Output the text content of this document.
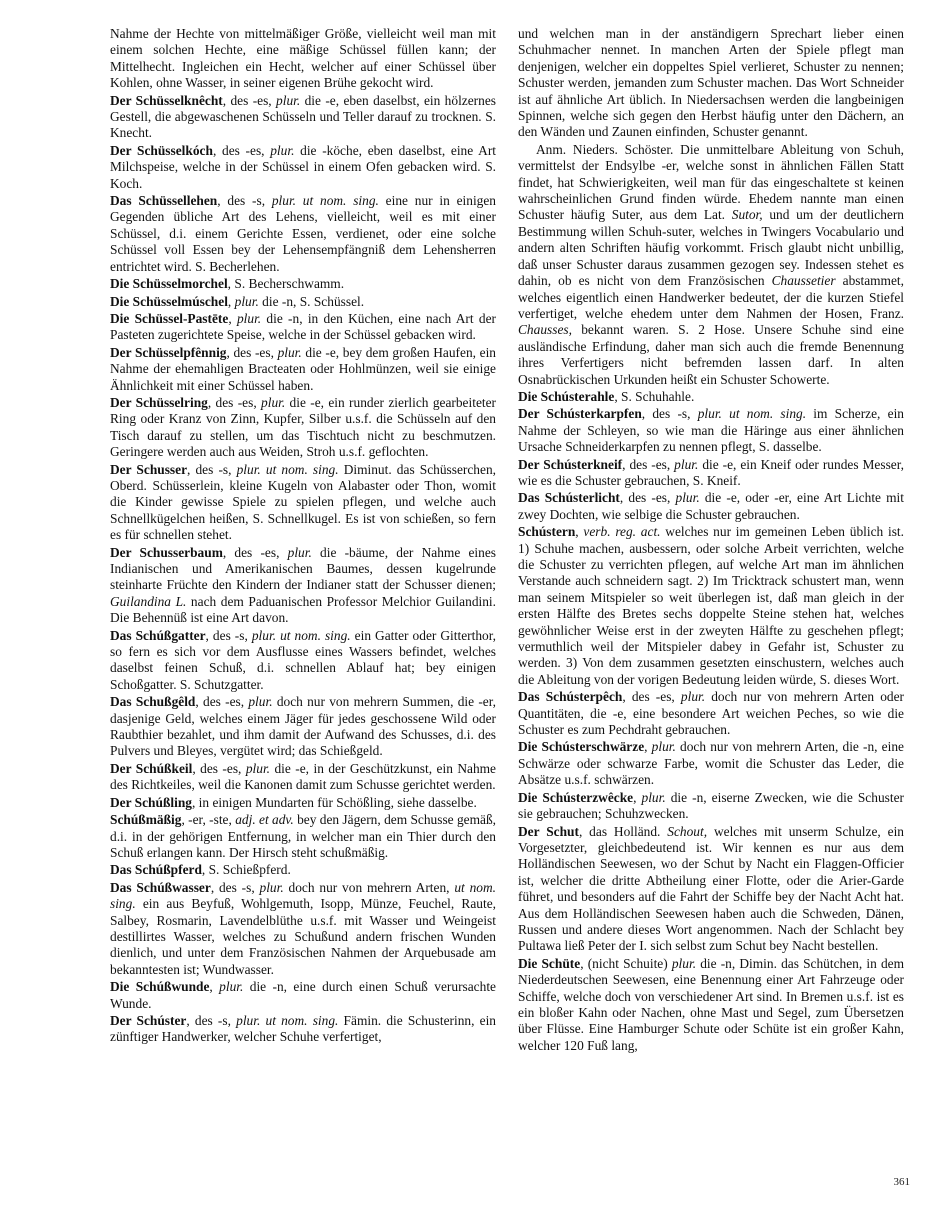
Nahme der Hechte von mittelmäßiger Größe, vielleicht weil man mit einem solchen Hechte, eine mäßige Schüssel füllen kann; der Mittelhecht. Ingleichen ein Hecht, welcher auf einer Schüssel über Kohlen, ohne Wasser, in seiner eigenen Brühe gekocht wird.

Der Schüsselknêcht, des -es, plur. die -e, eben daselbst, ein hölzernes Gestell, die abgewaschenen Schüsseln und Teller darauf zu trocknen. S. Knecht.

Der Schüsselkóch, des -es, plur. die -köche, eben daselbst, eine Art Milchspeise, welche in der Schüssel in einem Ofen gebacken wird. S. Koch.

Das Schüssellehen, des -s, plur. ut nom. sing. eine nur in einigen Gegenden übliche Art des Lehens, vielleicht, weil es mit einer Schüssel, d.i. einem Gerichte Essen, verdienet, oder eine solche Schüssel voll Essen bey der Lehensempfängniß dem Lehensherren entrichtet wird. S. Becherlehen.

Die Schüsselmorchel, S. Becherschwamm.

Die Schüsselmúschel, plur. die -n, S. Schüssel.

Die Schüssel-Pastēte, plur. die -n, in den Küchen, eine nach Art der Pasteten zugerichtete Speise, welche in der Schüssel gebacken wird.

Der Schüsselpfênnig, des -es, plur. die -e, bey dem großen Haufen, ein Nahme der ehemahligen Bracteaten oder Hohlmünzen, weil sie einige Ähnlichkeit mit einer Schüssel haben.

Der Schüsselring, des -es, plur. die -e, ein runder zierlich gearbeiteter Ring oder Kranz von Zinn, Kupfer, Silber u.s.f. die Schüsseln auf den Tisch darauf zu stellen, um das Tischtuch nicht zu beschmutzen. Geringere werden auch aus Weiden, Stroh u.s.f. geflochten.

Der Schusser, des -s, plur. ut nom. sing. Diminut. das Schüsserchen, Oberd. Schüsserlein, kleine Kugeln von Alabaster oder Thon, womit die Kinder gewisse Spiele zu spielen pflegen, und welche auch Schnellkügelchen heißen, S. Schnellkugel. Es ist von schießen, so fern es für schnellen stehet.

Der Schusserbaum, des -es, plur. die -bäume, der Nahme eines Indianischen und Amerikanischen Baumes, dessen kugelrunde steinharte Früchte den Kindern der Indianer statt der Schusser dienen; Guilandina L. nach dem Paduanischen Professor Melchior Guilandini. Die Behennüß ist eine Art davon.

Das Schúßgatter, des -s, plur. ut nom. sing. ein Gatter oder Gitterthor, so fern es sich vor dem Ausflusse eines Wassers befindet, welches daselbst feinen Schuß, d.i. schnellen Ablauf hat; bey einigen Schoßgatter. S. Schutzgatter.

Das Schußgêld, des -es, plur. doch nur von mehrern Summen, die -er, dasjenige Geld, welches einem Jäger für jedes geschossene Wild oder Raubthier bezahlet, und ihm damit der Aufwand des Schusses, d.i. des Pulvers und Bleyes, vergütet wird; das Schießgeld.

Der Schúßkeil, des -es, plur. die -e, in der Geschützkunst, ein Nahme des Richtkeiles, weil die Kanonen damit zum Schusse gerichtet werden.

Der Schúßling, in einigen Mundarten für Schößling, siehe dasselbe.

Schúßmäßig, -er, -ste, adj. et adv. bey den Jägern, dem Schusse gemäß, d.i. in der gehörigen Entfernung, in welcher man ein Thier durch den Schuß erlangen kann. Der Hirsch steht schußmäßig.

Das Schúßpferd, S. Schießpferd.

Das Schúßwasser, des -s, plur. doch nur von mehrern Arten, ut nom. sing. ein aus Beyfuß, Wohlgemuth, Isopp, Münze, Feuchel, Raute, Salbey, Rosmarin, Lavendelblüthe u.s.f. mit Wasser und Weingeist destillirtes Wasser, welches zu Schußund andern frischen Wunden dienlich, und unter dem Französischen Nahmen der Arquebusade am bekanntesten ist; Wundwasser.

Die Schúßwunde, plur. die -n, eine durch einen Schuß verursachte Wunde.

Der Schúster, des -s, plur. ut nom. sing. Fämin. die Schusterinn, ein zünftiger Handwerker, welcher Schuhe verfertiget,

und welchen man in der anständigern Sprechart lieber einen Schuhmacher nennet. In manchen Arten der Spiele pflegt man denjenigen, welcher ein doppeltes Spiel verlieret, Schuster zu nennen; Schuster werden, jemanden zum Schuster machen. Das Wort Schneider ist auf ähnliche Art üblich. In Niedersachsen werden die langbeinigen Spinnen, welche sich gegen den Herbst häufig unter den Dächern, an den Wänden und Zaunen einfinden, Schuster genannt.

Anm. Nieders. Schöster. Die unmittelbare Ableitung von Schuh, vermittelst der Endsylbe -er, welche sonst in ähnlichen Fällen Statt findet, hat Schwierigkeiten, weil man für das eingeschaltete st keinen wahrscheinlichen Grund finden würde. Ehedem nannte man einen Schuster häufig Suter, aus dem Lat. Sutor, und um der deutlichern Bestimmung willen Schuh-suter, welches in Twingers Vocabulario und andern alten Schriften häufig vorkommt. Frisch glaubt nicht unbillig, daß unser Schuster daraus zusammen gezogen sey. Indessen stehet es dahin, ob es nicht von dem Französischen Chaussetier abstammet, welches eigentlich einen Handwerker bedeutet, der die kurzen Stiefel verfertiget, welche ehedem unter dem Nahmen der Hosen, Franz. Chausses, bekannt waren. S. 2 Hose. Unsere Schuhe sind eine ausländische Erfindung, daher man sich auch die fremde Benennung ihres Verfertigers nicht befremden lassen darf. In alten Osnabrückischen Urkunden heißt ein Schuster Schowerte.

Die Schústerahle, S. Schuhahle.

Der Schústerkarpfen, des -s, plur. ut nom. sing. im Scherze, ein Nahme der Schleyen, so wie man die Häringe aus einer ähnlichen Ursache Schneiderkarpfen zu nennen pflegt, S. dasselbe.

Der Schústerkneif, des -es, plur. die -e, ein Kneif oder rundes Messer, wie es die Schuster gebrauchen, S. Kneif.

Das Schústerlicht, des -es, plur. die -e, oder -er, eine Art Lichte mit zwey Dochten, wie selbige die Schuster gebrauchen.

Schústern, verb. reg. act. welches nur im gemeinen Leben üblich ist. 1) Schuhe machen, ausbessern, oder solche Arbeit verrichten, welche die Schuster zu verrichten pflegen, auf welche Art man im ähnlichen Verstande auch schneidern sagt. 2) Im Tricktrack schustert man, wenn man seinem Mitspieler so weit überlegen ist, daß man gleich in der ersten Hälfte des Bretes sechs doppelte Steine stehen hat, welches gewöhnlicher Weise erst in der zweyten Hälfte zu geschehen pflegt; vermuthlich weil der Mitspieler dabey in Gefahr ist, Schuster zu werden. 3) Von dem zusammen gesetzten einschustern, welches auch die Ableitung von der vorigen Bedeutung leiden würde, S. dieses Wort.

Das Schústerpêch, des -es, plur. doch nur von mehrern Arten oder Quantitäten, die -e, eine besondere Art weichen Peches, so wie die Schuster es zum Pechdraht gebrauchen.

Die Schústerschwärze, plur. doch nur von mehrern Arten, die -n, eine Schwärze oder schwarze Farbe, womit die Schuster das Leder, die Absätze u.s.f. schwärzen.

Die Schústerzwêcke, plur. die -n, eiserne Zwecken, wie die Schuster sie gebrauchen; Schuhzwecken.

Der Schut, das Holländ. Schout, welches mit unserm Schulze, ein Vorgesetzter, gleichbedeutend ist. Wir kennen es nur aus dem Holländischen Seewesen, wo der Schut by Nacht ein Flaggen-Officier ist, welcher die dritte Abtheilung einer Flotte, oder die Arier-Garde führet, und besonders auf die Fahrt der Schiffe bey der Nacht Acht hat. Aus dem Holländischen Seewesen haben auch die Schweden, Dänen, Russen und andere dieses Wort angenommen. Nach der Schlacht bey Pultawa ließ Peter der I. sich selbst zum Schut bey Nacht bestellen.

Die Schüte, (nicht Schuite) plur. die -n, Dimin. das Schütchen, in dem Niederdeutschen Seewesen, eine Benennung einer Art Fahrzeuge oder Schiffe, welche doch von verschiedener Art sind. In Bremen u.s.f. ist es ein bloßer Kahn oder Nachen, ohne Mast und Segel, zum Übersetzen über Flüsse. Eine Hamburger Schute oder Schüte ist ein großer Kahn, welcher 120 Fuß lang,

361
